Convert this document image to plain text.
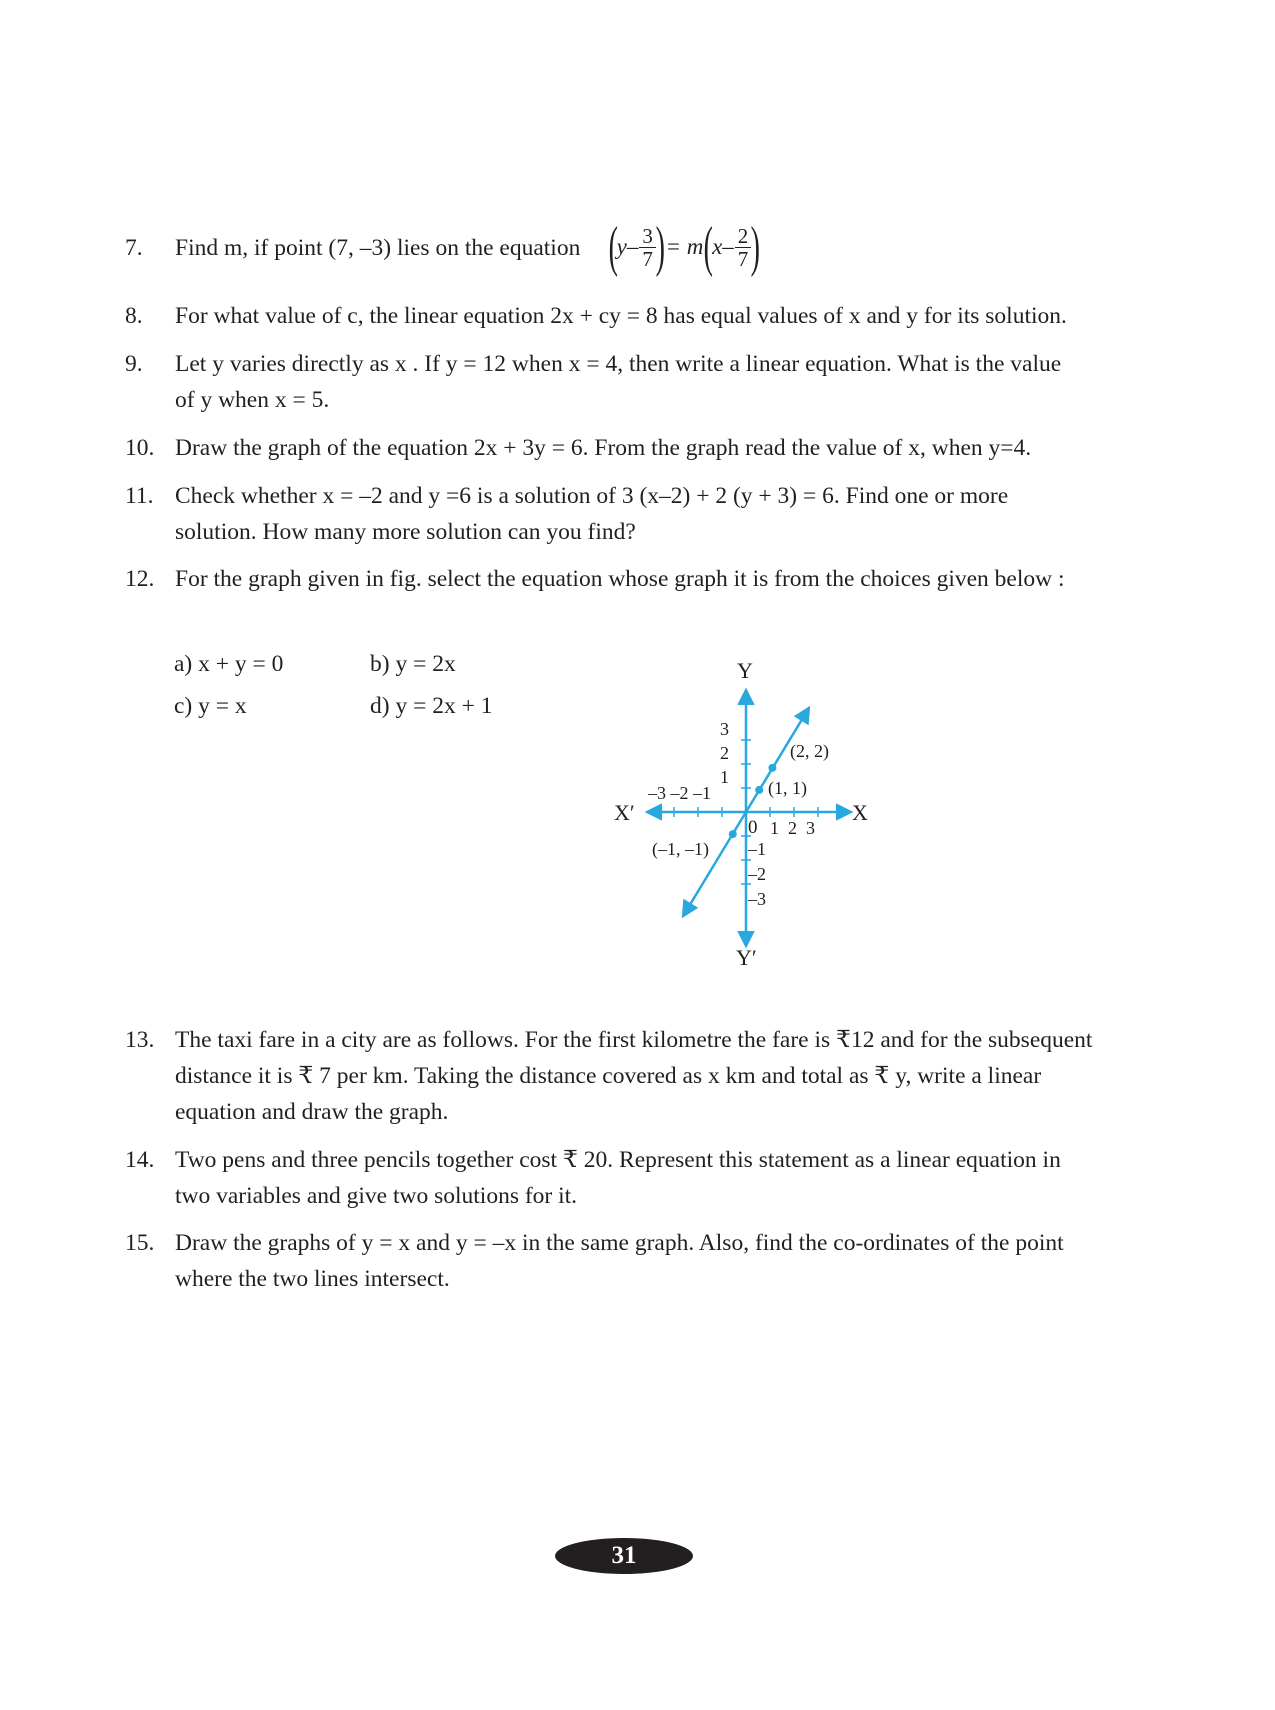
7. Find m, if point (7, –3) lies on the equation (
y – $\frac{3}{7}$ ) = m (
x – $\frac{2}{7}$ )
8. For what value of c, the linear equation 2x + cy = 8 has equal values of x and y for its solution.
9. Let y varies directly as x . If y = 12 when x = 4, then write a linear equation. What is the value
of y when x = 5.
10. Draw the graph of the equation 2x + 3y = 6. From the graph read the value of x, when y=4.
11. Check whether x = –2 and y =6 is a solution of 3 (x–2) + 2 (y + 3) = 6. Find one or more
solution. How many more solution can you find?
12. For the graph given in fig. select the equation whose graph it is from the choices given below :
a) x + y = 0	b) y = 2x
c) y = x	d) y = 2x + 1
Y
Y′
X
X′
0 1  2  3
–3 –2 –1
3
2
1
–1
–2
–3
(2, 2)
(1, 1)
(–1, –1)
13. The taxi fare in a city are as follows. For the first kilometre the fare is ₹12 and for the subsequent
distance it is ₹ 7 per km. Taking the distance covered as x km and total as ₹ y, write a linear
equation and draw the graph.
14. Two pens and three pencils together cost ₹ 20. Represent this statement as a linear equation in
two variables and give two solutions for it.
15. Draw the graphs of y = x and y = –x in the same graph. Also, find the co-ordinates of the point
where the two lines intersect.
31
